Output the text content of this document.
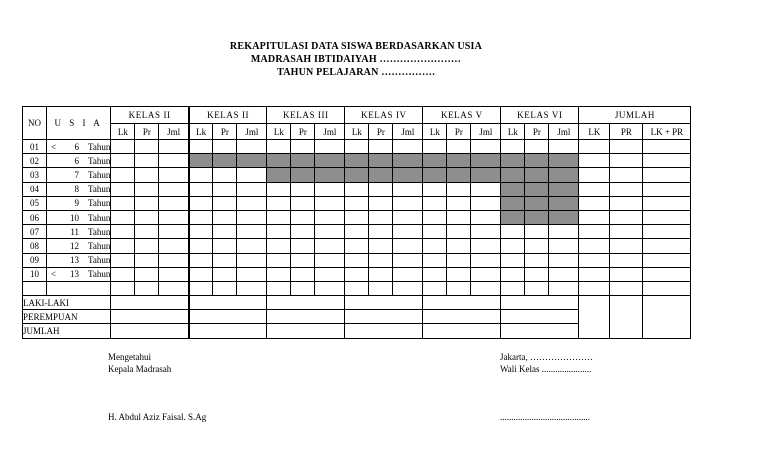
REKAPITULASI DATA SISWA BERDASARKAN USIA
MADRASAH IBTIDAIYAH ……………………
TAHUN PELAJARAN …………….
NO	U S I A	KELAS II			KELAS II			KELAS III			KELAS IV			KELAS V			KELAS VI			JUMLAH		
		Lk	Pr	Jml	Lk	Pr	Jml	Lk	Pr	Jml	Lk	Pr	Jml	Lk	Pr	Jml	Lk	Pr	Jml	LK	PR	LK + PR
01	< 6 Tahun																					
02	6 Tahun																					
03	7 Tahun																					
04	8 Tahun																					
05	9 Tahun																					
06	10 Tahun																					
07	11 Tahun																					
08	12 Tahun																					
09	13 Tahun																					
10	< 13 Tahun																					

LAKI-LAKI																						

PEREMPUAN																						

JUMLAH																						

Mengetahui
Kepala Madrasah
Jakarta, …………………
Wali Kelas ......................
H. Abdul Aziz Faisal. S.Ag	........................................
